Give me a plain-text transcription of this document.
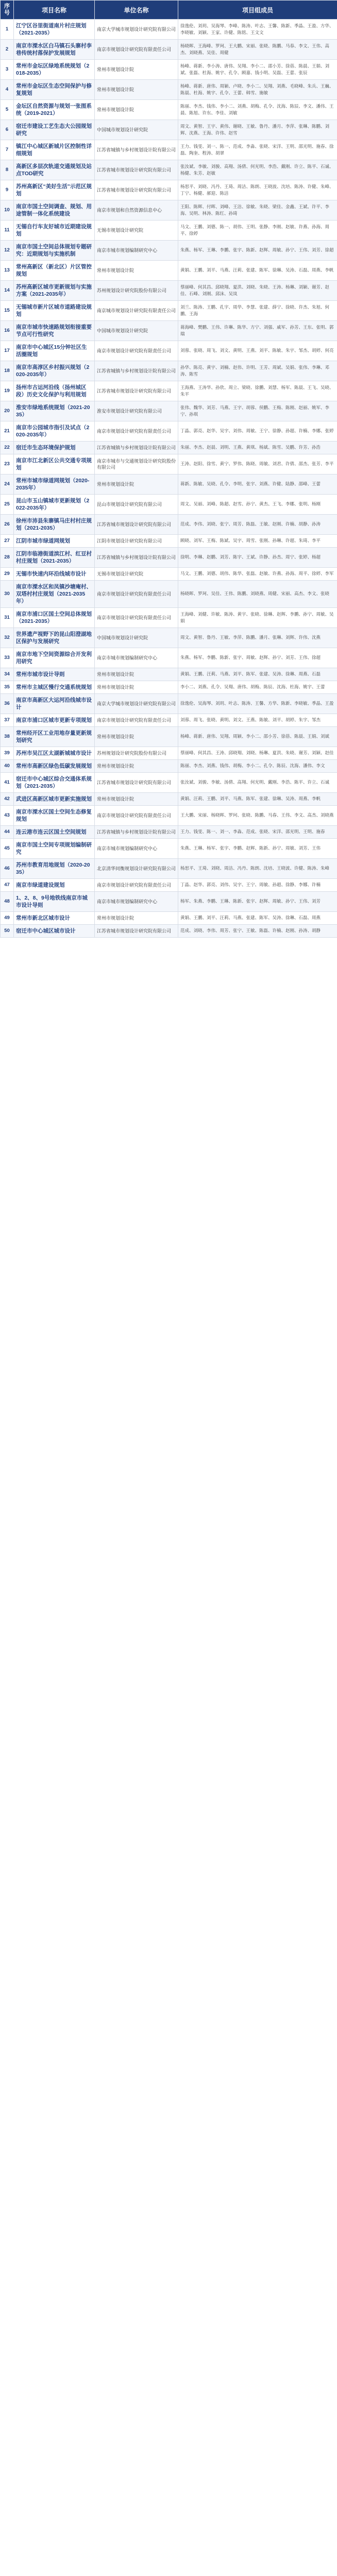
序号	项目名称	单位名称	项目组成员
1	江宁区谷里街道南片村庄规划（2021-2035）	南京大学城市规划设计研究院有限公司	徐逸伦、刘玥、吴海琴、李峰、陈涛、叶志、王馨、陈新、季晶、王盈、方华、李晓敏、刘颖、王家、许健、陈铭、王文文
2	南京市溧水区白马镇石头寨村李巷传统村落保护发展规划	南京市规划设计研究院有限责任公司	杨晓晖、王海峰、罗珂、王大鹏、宋丽、张晓、陈鹏、马春、李文、王伟、高杰、刘晓燕、吴佳、周健
3	常州市金坛区绿地系统规划（2018-2035）	常州市规划设计院	杨峰、蒋新、李小涛、唐伟、吴翔、李小二、邵小芳、徐蓓、陈晨、王娟、刘斌、张磊、杜海、姚宇、孔令、顾嘉、钱小明、吴磊、王蕾、张辰
4	常州市金坛区生态空间保护与修复规划	常州市规划设计院	杨峰、蒋新、唐伟、周颖、卢晓、李小二、吴翔、刘燕、毛晓峰、朱兵、王巍、陈晨、杜海、姚宇、孔令、王蕾、韩雪、施敏
5	金坛区自然资源与规划一张图系统（2019-2021）	常州市规划设计院	陈丽、李杰、钱伟、李小二、刘燕、胡梅、孔令、沈海、陈辰、李文、潘伟、王晨、陈旭、许东、李佳、刘敏
6	宿迁市建设工艺生态大公园规划研究	中国城市规划设计研究院	周文、黄智、王宇、黄伟、谢晓、王敏、鲁丹、潘月、李萍、张琳、陈鹏、刘辉、沈燕、王海、许伟、赵雪
7	镇江中心城区新城片区控制性详细规划	江苏省城镇与乡村规划设计院有限公司	王力、钱雯、刘一、陈一、范成、李淼、张晓、宋洋、王明、邵光明、施春、徐磊、陶奎、程涛、胡翠
8	高新区多层次轨道交通规划及站点TOD研究	江苏省城市规划设计研究院有限公司	张汝斌、李敏、刘骏、高翔、汤倩、何光明、李浩、戴刚、许立、陈平、石诚、杨健、朱芳、赵敏
9	苏州高新区“美好生活”示范区规划	江苏省城市规划设计研究院有限公司	杨思平、刘晓、冯丹、王琦、周洁、陈朗、王晓波、沈培、陈涛、许健、朱峰、丁宁、杨健、郝迎、陈洁
10	南京市国土空间调查、规划、用途管制一体化系统建设	南京市规划和自然资源信息中心	王阳、陈辉、付晖、刘峰、王洁、徐敏、朱晓、梁佳、金鑫、王斌、许平、李海、吴明、林涛、陈红、孙琦
11	无锡自行车友好城市近期建设规划	无锡市规划设计研究院	马文、王鹏、刘德、陈一、胡伟、王明、张静、李刚、赵敏、许燕、孙海、周平、徐婷
12	南京市国土空间总体规划专题研究：近期规划与实施机制	南京市城市规划编制研究中心	朱燕、杨军、王琳、李鹏、张宇、陈新、赵辉、周敏、孙宁、王伟、刘芳、徐超
13	常州高新区（新北区）片区管控规划	常州市规划设计院	黄娟、王鹏、刘平、马燕、汪莉、张建、陈军、徐琳、吴涛、石磊、周燕、李帆
14	苏州高新区城市更新规划与实施方案（2021-2035年）	苏州规划设计研究院股份有限公司	蔡丽峰、何其昌、邱晓翔、夏洪、刘晓、朱晓、王涛、杨琳、刘颖、谢芳、赵佳、石峰、刘刚、邱沫、吴岚
15	无锡城市新片区城市道路建设规划	南京城市规划设计研究院有限责任公司	刘兰、陈涛、王鹏、孔宇、周华、李慧、张建、薛宁、徐晓、许杰、朱旭、何鹏、王海
16	南京市城市快速路规划衔接重要节点可行性研究	中国城市规划设计研究院	蒋海峰、樊鹏、王伟、许琳、陈华、方宁、刘强、戚军、孙芳、王东、张明、郭瑞
17	南京市中心城区15分钟社区生活圈规划	南京市规划设计研究院有限责任公司	刘蓉、张晓、周飞、刘文、黄明、王燕、刘平、陈敏、朱宇、邹杰、胡婷、何亮
18	南京市高淳区乡村振兴规划（2020-2035年）	江苏省城镇与乡村规划设计院有限公司	孙华、陈亮、黄宇、刘楠、赵伟、许明、王芳、周斌、吴娟、张伟、李琳、邓涛、陈雪
19	扬州市古运河沿线（扬州城区段）历史文化保护与利用规划	江苏省城市规划设计研究院有限公司	王海燕、王涛华、孙欣、周立、梁晓、徐鹏、刘慧、杨军、陈晨、王飞、吴晓、朱平
20	淮安市绿地系统规划（2021-2035）	淮安市规划设计研究院有限公司	张伟、魏华、刘芳、马燕、王宇、胡蓉、侯鹏、王梅、陈刚、赵丽、姚军、李宁、孙琪
21	南京市公园城市指引及试点（2020-2035年）	南京市规划设计研究院有限责任公司	丁晶、郭亮、赵华、吴宇、刘伟、周敏、王宁、徐静、孙超、许楠、李娜、张婷
22	宿迁市生态环境保护规划	江苏省城镇与乡村规划设计院有限公司	朱丽、李杰、赵晨、刘明、王燕、黄琪、杨斌、陈雪、吴鹏、许芳、孙浩
23	南京市江北新区公共交通专项规划	南京市城市与交通规划设计研究院股份有限公司	王涛、赵阳、徐雪、黄宁、罗伟、陈晓、周敏、刘君、许倩、邵杰、张芳、李平
24	常州市城市绿道网规划（2020-2035年）	常州市规划设计院	蒋新、陈敏、吴晓、孔令、李明、张宇、刘燕、许健、陆静、邵峰、王蕾
25	昆山市玉山镇城市更新规划（2022-2035年）	昆山市规划设计研究院有限公司	周文、吴丽、刘峰、陈超、赵雪、孙宁、黄杰、王飞、李娜、张明、杨刚
26	徐州市沛县朱寨镇马庄村村庄规划（2021-2035）	江苏省城市规划设计研究院有限公司	范成、李伟、刘晓、张宁、周芳、陈磊、王敏、赵刚、许楠、胡静、孙涛
27	江阴市城市绿道网规划	江阴市规划设计研究院有限公司	顾晓、刘军、王梅、陈斌、吴宇、周雪、张刚、孙琳、许超、朱琦、李平
28	江阴市临港街道滨江村、红豆村村庄规划（2021-2035）	江苏省城镇与乡村规划设计院有限公司	徐明、李琳、赵鹏、刘芳、陈宇、王斌、许静、孙杰、周宁、张婷、杨超
29	无锡市快速内环沿线城市设计	无锡市规划设计研究院	马文、王鹏、刘德、胡伟、陈华、张磊、赵敏、许燕、孙海、周平、徐婷、李军
30	南京市溧水区和凤镇沙塘庵村、双塔村村庄规划（2021-2035年）	南京市规划设计研究院有限责任公司	杨晓晖、罗珂、吴佳、王伟、陈鹏、刘晓燕、周健、宋丽、高杰、李文、张晓
31	南京市浦口区国土空间总体规划（2021-2035）	南京市规划设计研究院有限责任公司	王海峰、刘健、许敏、陈涛、黄宇、张晓、徐琳、赵辉、李鹏、孙宁、周敏、吴娟
32	世界遗产视野下的昆山阳澄湖地区保护与发展研究	中国城市规划设计研究院	周文、黄智、鲁丹、王敏、李萍、陈鹏、潘月、张琳、刘辉、许伟、沈燕
33	南京市地下空间资源综合开发利用研究	南京市城市规划编制研究中心	朱燕、杨军、李鹏、陈新、张宇、周敏、赵辉、孙宁、刘芳、王伟、徐超
34	常州市城市设计导则	常州市规划设计院	黄娟、王鹏、汪莉、马燕、刘平、陈军、张建、吴涛、徐琳、周燕、石磊
35	常州市主城区慢行交通系统规划	常州市规划设计院	李小二、刘燕、孔令、吴翔、唐伟、胡梅、陈辰、沈海、杜海、姚宇、王蕾
36	南京市高新区大运河沿线城市设计	南京大学城市规划设计研究院有限公司	徐逸伦、吴海琴、刘玥、叶志、陈涛、王馨、方华、陈新、李晓敏、季晶、王盈
37	南京市浦口区城市更新专项规划	南京市规划设计研究院有限责任公司	刘蓉、周飞、张晓、黄明、刘文、王燕、陈敏、刘平、胡婷、朱宇、邹杰
38	常州经开区工业用地存量更新规划研究	常州市规划设计院	杨峰、蒋新、唐伟、吴翔、周颖、李小二、邵小芳、徐蓓、陈晨、王娟、刘斌
39	苏州市吴江区太湖新城城市设计	苏州规划设计研究院股份有限公司	蔡丽峰、何其昌、王涛、邱晓翔、刘晓、杨琳、夏洪、朱晓、谢芳、刘颖、赵佳
40	常州市高新区绿色低碳发展规划	常州市规划设计院	陈丽、李杰、刘燕、钱伟、胡梅、李小二、孔令、陈辰、沈海、潘伟、李文
41	宿迁市中心城区综合交通体系规划（2021-2035）	江苏省城市规划设计研究院有限公司	张汝斌、刘骏、李敏、汤倩、高翔、何光明、戴刚、李浩、陈平、许立、石诚
42	武进区高新区城市更新实施规划	常州市规划设计院	黄娟、汪莉、王鹏、刘平、马燕、陈军、张建、徐琳、吴涛、周燕、李帆
43	南京市溧水区国土空间生态修复规划	南京市规划设计研究院有限责任公司	王大鹏、宋丽、杨晓晖、罗珂、张晓、陈鹏、马春、王伟、李文、高杰、刘晓燕
44	连云港市连云区国土空间规划	江苏省城镇与乡村规划设计院有限公司	王力、钱雯、陈一、刘一、李淼、范成、张晓、宋洋、邵光明、王明、施春
45	南京市国土空间专项规划编制研究	南京市城市规划编制研究中心	朱燕、王琳、杨军、张宇、李鹏、赵辉、陈新、孙宁、周敏、刘芳、王伟
46	苏州市教育用地规划（2020-2035）	北京清华同衡规划设计研究院有限公司	杨思平、王琦、刘晓、周洁、冯丹、陈朗、沈培、王晓波、许健、陈涛、朱峰
47	南京市绿道建设规划	南京市规划设计研究院有限责任公司	丁晶、赵华、郭亮、刘伟、吴宇、王宁、周敏、孙超、徐静、李娜、许楠
48	1、2、8、9号地铁线南京市城市设计导则	南京市城市规划编制研究中心	杨军、朱燕、李鹏、王琳、陈新、张宇、赵辉、周敏、孙宁、王伟、刘芳
49	常州市新北区城市设计	常州市规划设计院	黄娟、王鹏、刘平、汪莉、马燕、张建、陈军、吴涛、徐琳、石磊、周燕
50	宿迁市中心城区城市设计	江苏省城市规划设计研究院有限公司	范成、刘晓、李伟、周芳、张宁、王敏、陈磊、许楠、赵刚、孙涛、胡静
